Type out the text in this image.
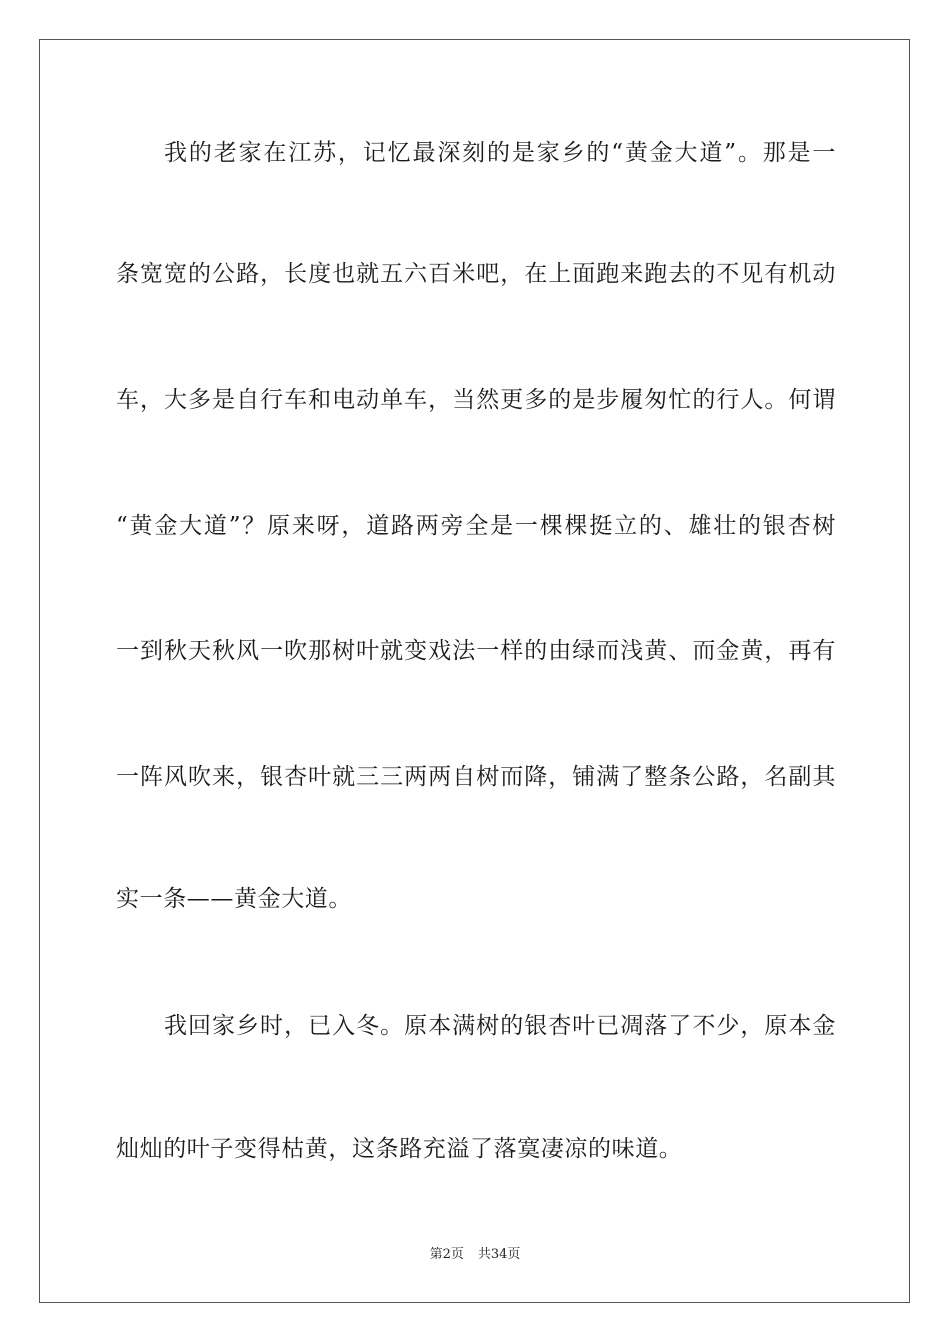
我的老家在江苏，记忆最深刻的是家乡的“黄金大道”。那是一
条宽宽的公路，长度也就五六百米吧，在上面跑来跑去的不见有机动
车，大多是自行车和电动单车，当然更多的是步履匆忙的行人。何谓
“黄金大道”？原来呀，道路两旁全是一棵棵挺立的、雄壮的银杏树
一到秋天秋风一吹那树叶就变戏法一样的由绿而浅黄、而金黄，再有
一阵风吹来，银杏叶就三三两两自树而降，铺满了整条公路，名副其
实一条——黄金大道。
我回家乡时，已入冬。原本满树的银杏叶已凋落了不少，原本金
灿灿的叶子变得枯黄，这条路充溢了落寞凄凉的味道。
第2页 共34页
